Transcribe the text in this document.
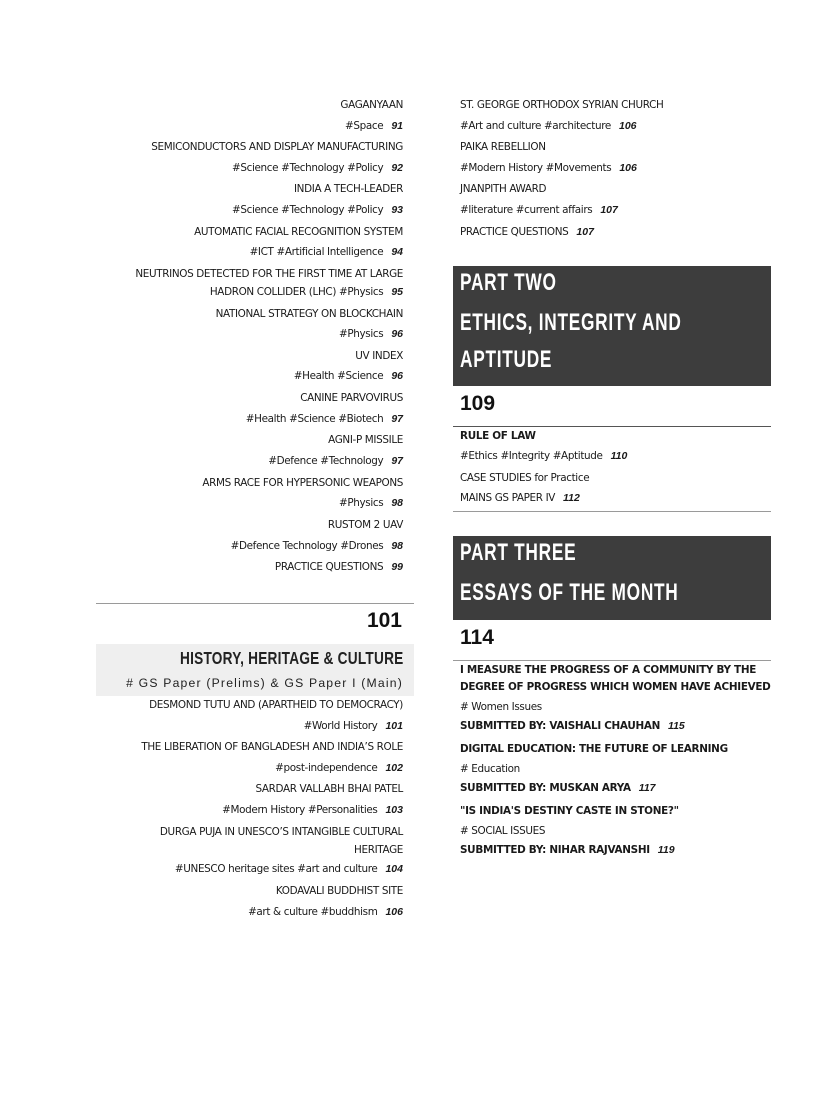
GAGANYAAN
#Space 91
SEMICONDUCTORS AND DISPLAY MANUFACTURING
#Science #Technology #Policy 92
INDIA A TECH-LEADER
#Science #Technology #Policy 93
AUTOMATIC FACIAL RECOGNITION SYSTEM
#ICT #Artificial Intelligence 94
NEUTRINOS DETECTED FOR THE FIRST TIME AT LARGE
HADRON COLLIDER (LHC) #Physics 95
NATIONAL STRATEGY ON BLOCKCHAIN
#Physics 96
UV INDEX
#Health #Science 96
CANINE PARVOVIRUS
#Health #Science #Biotech 97
AGNI-P MISSILE
#Defence #Technology 97
ARMS RACE FOR HYPERSONIC WEAPONS
#Physics 98
RUSTOM 2 UAV
#Defence Technology #Drones 98
PRACTICE QUESTIONS 99
101
HISTORY, HERITAGE & CULTURE
# GS Paper (Prelims) & GS Paper I (Main)
DESMOND TUTU AND (APARTHEID TO DEMOCRACY)
#World History 101
THE LIBERATION OF BANGLADESH AND INDIA’S ROLE
#post-independence 102
SARDAR VALLABH BHAI PATEL
#Modern History #Personalities 103
DURGA PUJA IN UNESCO’S INTANGIBLE CULTURAL
HERITAGE
#UNESCO heritage sites #art and culture 104
KODAVALI BUDDHIST SITE
#art & culture #buddhism 106
ST. GEORGE ORTHODOX SYRIAN CHURCH
#Art and culture #architecture 106
PAIKA REBELLION
#Modern History #Movements 106
JNANPITH AWARD
#literature #current affairs 107
PRACTICE QUESTIONS 107
PART TWO
ETHICS, INTEGRITY AND
APTITUDE
109
RULE OF LAW
#Ethics #Integrity #Aptitude 110
CASE STUDIES for Practice
MAINS GS PAPER IV 112
PART THREE
ESSAYS OF THE MONTH
114
I MEASURE THE PROGRESS OF A COMMUNITY BY THE
DEGREE OF PROGRESS WHICH WOMEN HAVE ACHIEVED
# Women Issues
SUBMITTED BY: VAISHALI CHAUHAN 115
DIGITAL EDUCATION: THE FUTURE OF LEARNING
# Education
SUBMITTED BY: MUSKAN ARYA 117
"IS INDIA'S DESTINY CASTE IN STONE?"
# SOCIAL ISSUES
SUBMITTED BY: NIHAR RAJVANSHI 119
